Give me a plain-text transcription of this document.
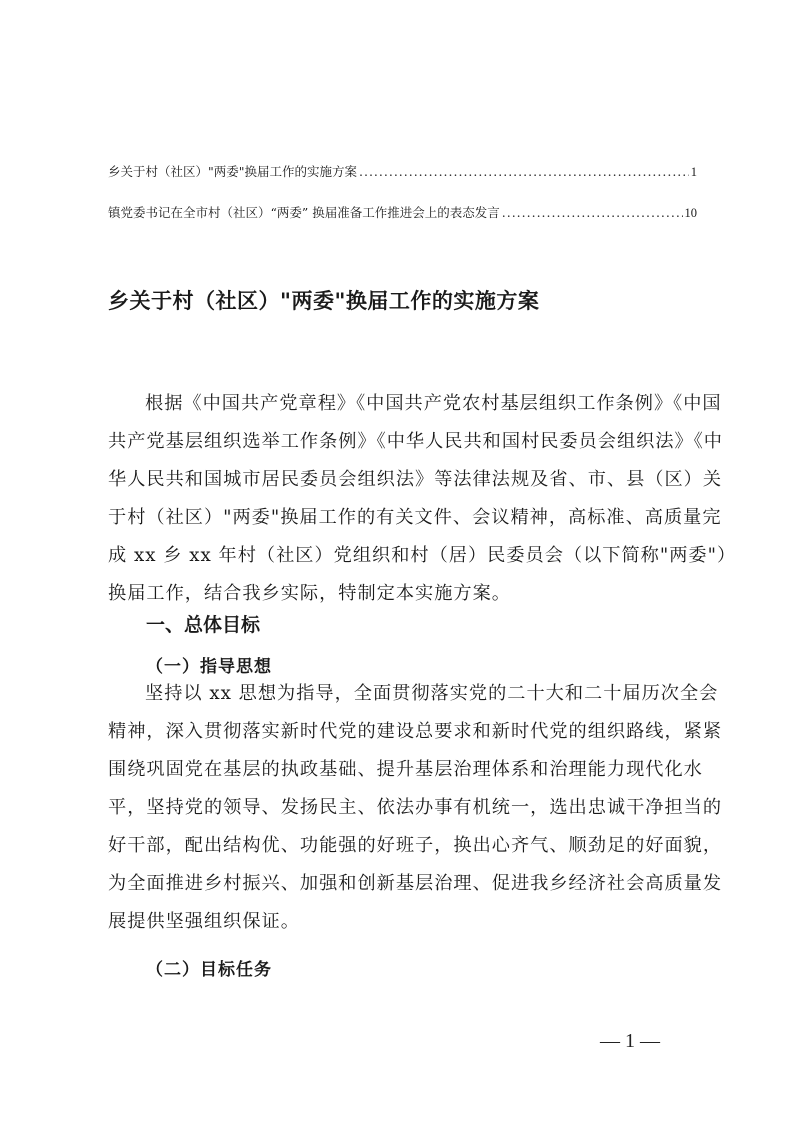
乡关于村（社区）"两委"换届工作的实施方案 .....	1
镇党委书记在全市村（社区）“两委” 换届准备工作推进会上的表态发言 .....	10
乡关于村（社区）"两委"换届工作的实施方案
根据《中国共产党章程》《中国共产党农村基层组织工作条例》《中国
共产党基层组织选举工作条例》《中华人民共和国村民委员会组织法》《中
华人民共和国城市居民委员会组织法》等法律法规及省、市、县（区）关
于村（社区）"两委"换届工作的有关文件、会议精神，高标准、高质量完
成 xx 乡 xx 年村（社区）党组织和村（居）民委员会（以下简称"两委"）
换届工作，结合我乡实际，特制定本实施方案。
一、总体目标
（一）指导思想
坚持以 xx 思想为指导，全面贯彻落实党的二十大和二十届历次全会
精神，深入贯彻落实新时代党的建设总要求和新时代党的组织路线，紧紧
围绕巩固党在基层的执政基础、提升基层治理体系和治理能力现代化水
平，坚持党的领导、发扬民主、依法办事有机统一，选出忠诚干净担当的
好干部，配出结构优、功能强的好班子，换出心齐气、顺劲足的好面貌，
为全面推进乡村振兴、加强和创新基层治理、促进我乡经济社会高质量发
展提供坚强组织保证。
（二）目标任务
— 1 —
